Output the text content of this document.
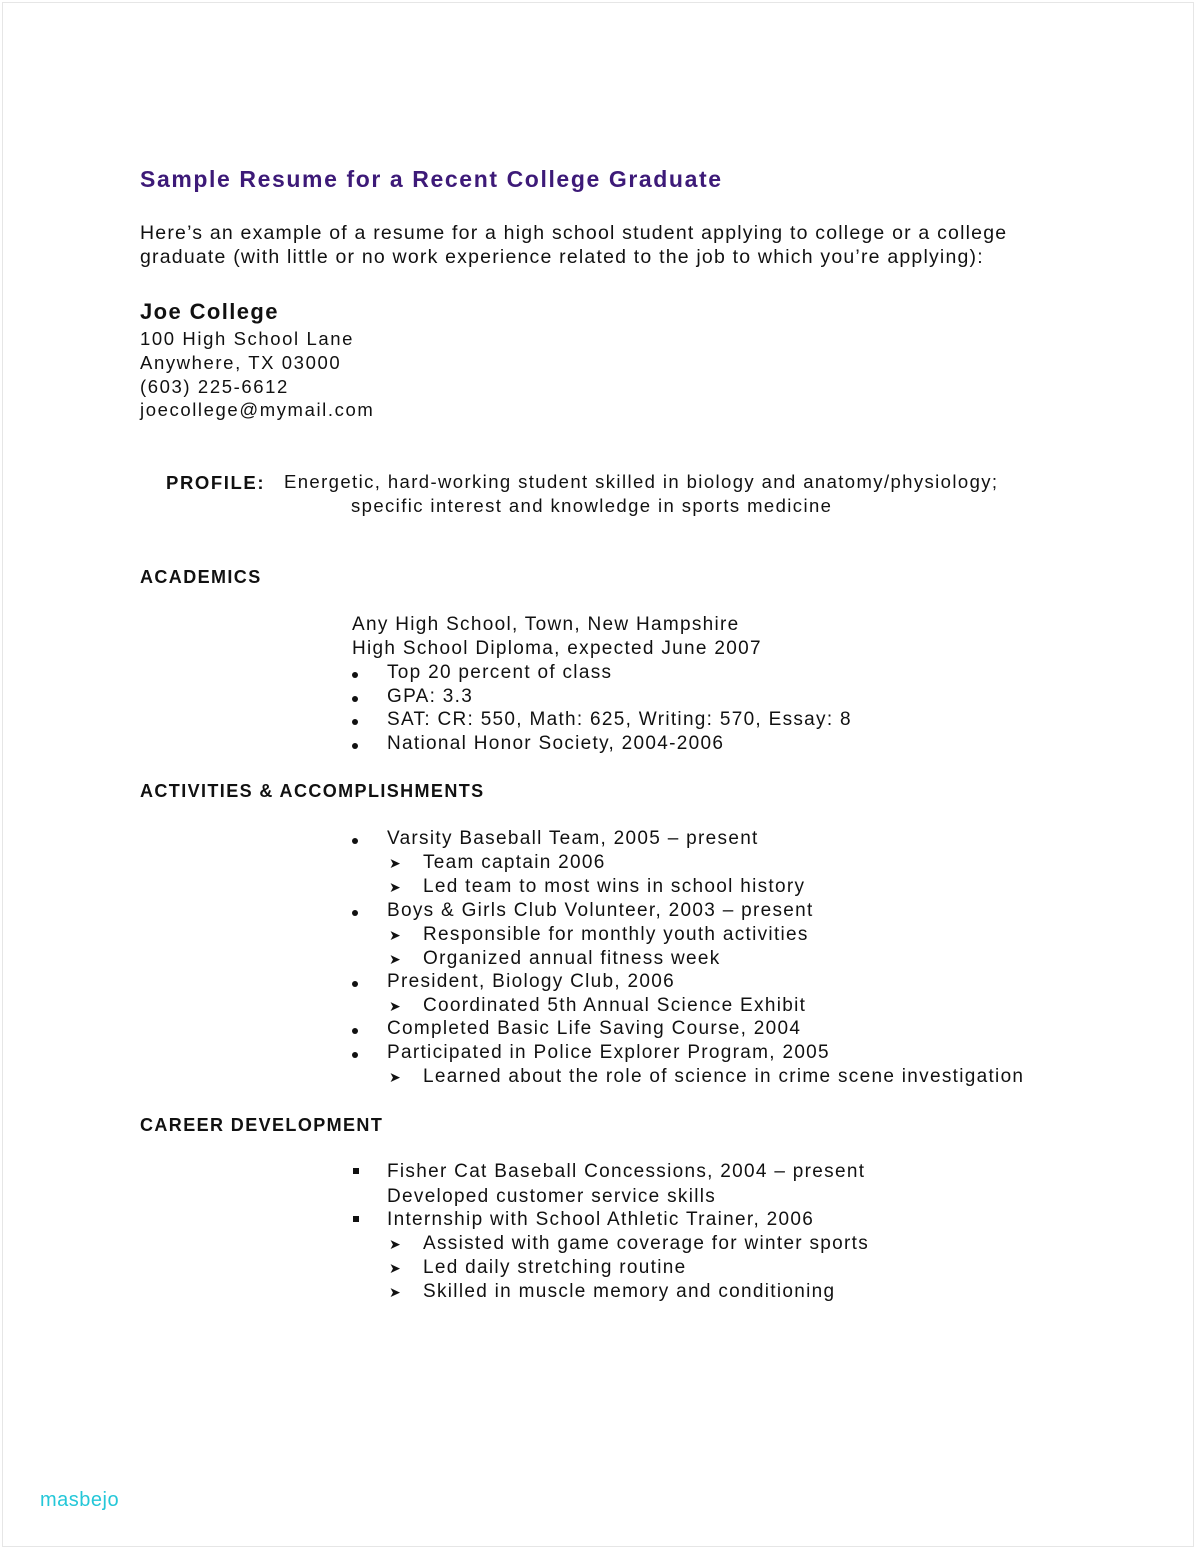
Sample Resume for a Recent College Graduate
Here’s an example of a resume for a high school student applying to college or a college
graduate (with little or no work experience related to the job to which you’re applying):
Joe College
100 High School Lane
Anywhere, TX 03000
(603) 225-6612
joecollege@mymail.com
PROFILE: Energetic, hard-working student skilled in biology and anatomy/physiology;
specific interest and knowledge in sports medicine
ACADEMICS
Any High School, Town, New Hampshire
High School Diploma, expected June 2007
Top 20 percent of class
GPA: 3.3
SAT: CR: 550, Math: 625, Writing: 570, Essay: 8
National Honor Society, 2004-2006
ACTIVITIES & ACCOMPLISHMENTS
Varsity Baseball Team, 2005 – present
➤ Team captain 2006
➤ Led team to most wins in school history
Boys & Girls Club Volunteer, 2003 – present
➤ Responsible for monthly youth activities
➤ Organized annual fitness week
President, Biology Club, 2006
➤ Coordinated 5th Annual Science Exhibit
Completed Basic Life Saving Course, 2004
Participated in Police Explorer Program, 2005
➤ Learned about the role of science in crime scene investigation
CAREER DEVELOPMENT
Fisher Cat Baseball Concessions, 2004 – present
Developed customer service skills
Internship with School Athletic Trainer, 2006
➤ Assisted with game coverage for winter sports
➤ Led daily stretching routine
➤ Skilled in muscle memory and conditioning
masbejo
